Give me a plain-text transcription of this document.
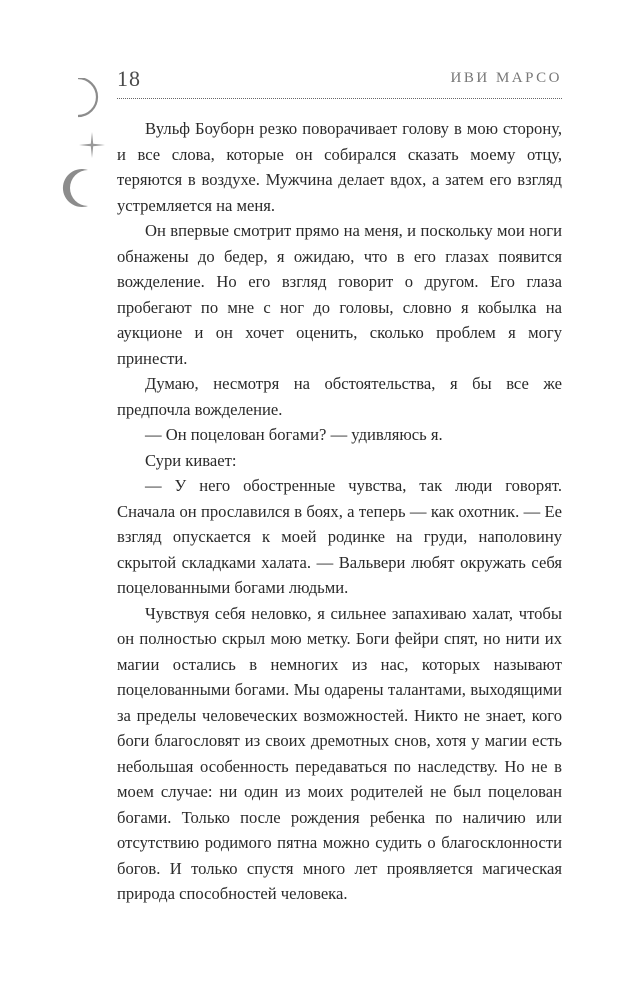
18	ИВИ МАРСО

Вульф Боуборн резко поворачивает голову в мою сторону, и все слова, которые он собирался сказать моему отцу, теряются в воздухе. Мужчина делает вдох, а затем его взгляд устремляется на меня.

Он впервые смотрит прямо на меня, и поскольку мои ноги обнажены до бедер, я ожидаю, что в его глазах появится вожделение. Но его взгляд говорит о другом. Его глаза пробегают по мне с ног до головы, словно я кобылка на аукционе и он хочет оценить, сколько проблем я могу принести.

Думаю, несмотря на обстоятельства, я бы все же предпочла вожделение.

— Он поцелован богами? — удивляюсь я.

Сури кивает:

— У него обостренные чувства, так люди говорят. Сначала он прославился в боях, а теперь — как охотник. — Ее взгляд опускается к моей родинке на груди, наполовину скрытой складками халата. — Вальвери любят окружать себя поцелованными богами людьми.

Чувствуя себя неловко, я сильнее запахиваю халат, чтобы он полностью скрыл мою метку. Боги фейри спят, но нити их магии остались в немногих из нас, которых называют поцелованными богами. Мы одарены талантами, выходящими за пределы человеческих возможностей. Никто не знает, кого боги благословят из своих дремотных снов, хотя у магии есть небольшая особенность передаваться по наследству. Но не в моем случае: ни один из моих родителей не был поцелован богами. Только после рождения ребенка по наличию или отсутствию родимого пятна можно судить о благосклонности богов. И только спустя много лет проявляется магическая природа способностей человека.
